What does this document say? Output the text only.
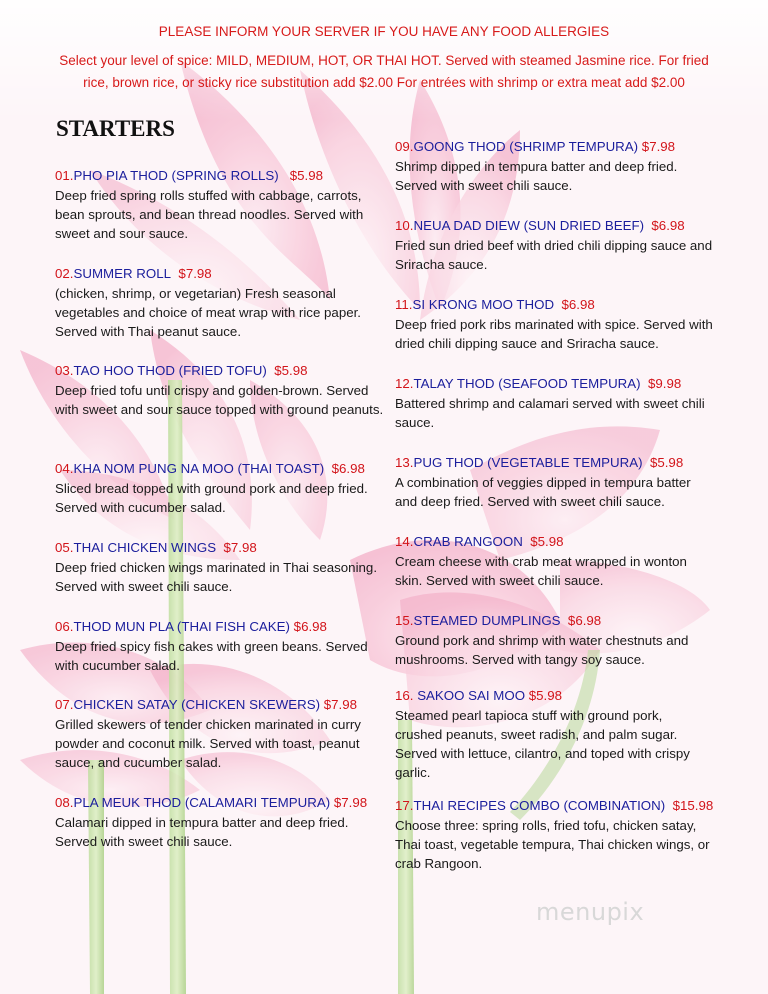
PLEASE INFORM YOUR SERVER IF YOU HAVE ANY FOOD ALLERGIES
Select your level of spice: MILD, MEDIUM, HOT, OR THAI HOT. Served with steamed Jasmine rice. For fried
rice, brown rice, or sticky rice substitution add $2.00 For entrées with shrimp or extra meat add $2.00
STARTERS
01.PHO PIA THOD (SPRING ROLLS) $5.98
Deep fried spring rolls stuffed with cabbage, carrots, bean sprouts, and bean thread noodles. Served with sweet and sour sauce.
02.SUMMER ROLL $7.98
(chicken, shrimp, or vegetarian) Fresh seasonal vegetables and choice of meat wrap with rice paper. Served with Thai peanut sauce.
03.TAO HOO THOD (FRIED TOFU) $5.98
Deep fried tofu until crispy and golden-brown. Served with sweet and sour sauce topped with ground peanuts.
04.KHA NOM PUNG NA MOO (THAI TOAST) $6.98
Sliced bread topped with ground pork and deep fried. Served with cucumber salad.
05.THAI CHICKEN WINGS $7.98
Deep fried chicken wings marinated in Thai seasoning. Served with sweet chili sauce.
06.THOD MUN PLA (THAI FISH CAKE) $6.98
Deep fried spicy fish cakes with green beans. Served with cucumber salad.
07.CHICKEN SATAY (CHICKEN SKEWERS) $7.98
Grilled skewers of tender chicken marinated in curry powder and coconut milk. Served with toast, peanut sauce, and cucumber salad.
08.PLA MEUK THOD (CALAMARI TEMPURA) $7.98
Calamari dipped in tempura batter and deep fried. Served with sweet chili sauce.
09.GOONG THOD (SHRIMP TEMPURA) $7.98
Shrimp dipped in tempura batter and deep fried. Served with sweet chili sauce.
10.NEUA DAD DIEW (SUN DRIED BEEF) $6.98
Fried sun dried beef with dried chili dipping sauce and Sriracha sauce.
11.SI KRONG MOO THOD $6.98
Deep fried pork ribs marinated with spice. Served with dried chili dipping sauce and Sriracha sauce.
12.TALAY THOD (SEAFOOD TEMPURA) $9.98
Battered shrimp and calamari served with sweet chili sauce.
13.PUG THOD (VEGETABLE TEMPURA) $5.98
A combination of veggies dipped in tempura batter and deep fried. Served with sweet chili sauce.
14.CRAB RANGOON $5.98
Cream cheese with crab meat wrapped in wonton skin. Served with sweet chili sauce.
15.STEAMED DUMPLINGS $6.98
Ground pork and shrimp with water chestnuts and mushrooms. Served with tangy soy sauce.
16. SAKOO SAI MOO $5.98
Steamed pearl tapioca stuff with ground pork, crushed peanuts, sweet radish, and palm sugar. Served with lettuce, cilantro, and toped with crispy garlic.
17.THAI RECIPES COMBO (COMBINATION) $15.98
Choose three: spring rolls, fried tofu, chicken satay, Thai toast, vegetable tempura, Thai chicken wings, or crab Rangoon.
menupix
